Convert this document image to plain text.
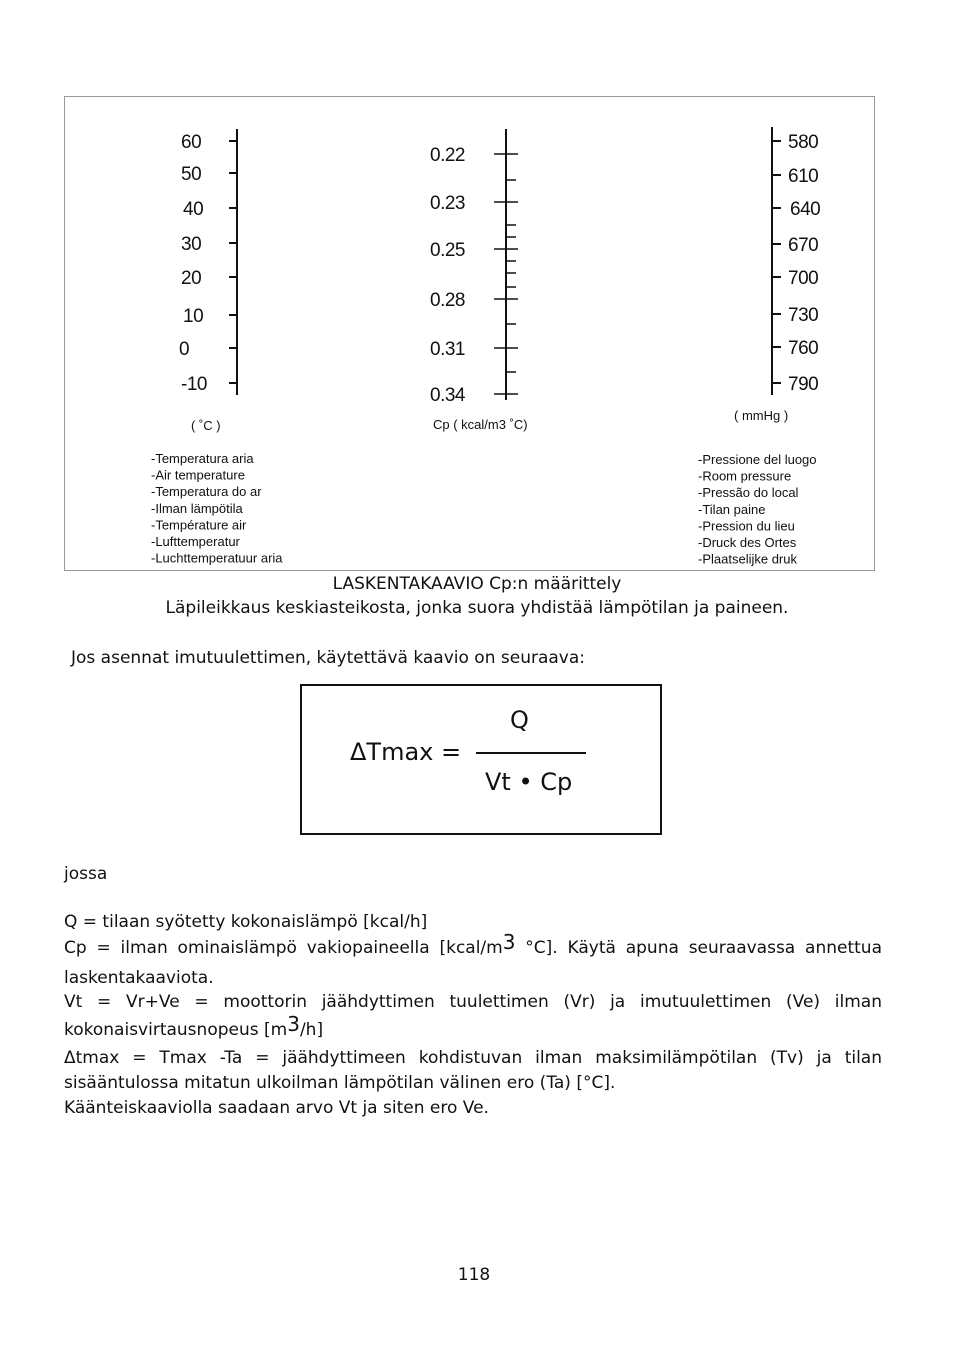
60
50
40
30
20
10
0
-10
( ˚C )
-Temperatura aria
-Air temperature
-Temperatura do ar
-Ilman lämpötila
-Température air
-Lufttemperatur
-Luchttemperatuur aria
0.22
0.23
0.25
0.28
0.31
0.34
Cp ( kcal/m3 ˚C)
580
610
640
670
700
730
760
790
( mmHg )
-Pressione del luogo
-Room pressure
-Pressão do local
-Tilan paine
-Pression du lieu
-Druck des Ortes
-Plaatselijke druk
LASKENTAKAAVIO Cp:n määrittely
Läpileikkaus keskiasteikosta, jonka suora yhdistää lämpötilan ja paineen.
Jos asennat imutuulettimen, käytettävä kaavio on seuraava:
ΔTmax =
Q
Vt • Cp
jossa
Q = tilaan syötetty kokonaislämpö [kcal/h]
Cp = ilman ominaislämpö vakiopaineella [$kcal/m^3$ °C]. Käytä apuna seuraavassa annettua
laskentakaaviota.
Vt = Vr+Ve = moottorin jäähdyttimen tuulettimen (Vr) ja imutuulettimen (Ve) ilman
kokonaisvirtausnopeus $[m^3/h]$
Δtmax = Tmax -Ta = jäähdyttimeen kohdistuvan ilman maksimilämpötilan (Tv) ja tilan
sisääntulossa mitatun ulkoilman lämpötilan välinen ero (Ta) [°C].
Käänteiskaaviolla saadaan arvo Vt ja siten ero Ve.
118
